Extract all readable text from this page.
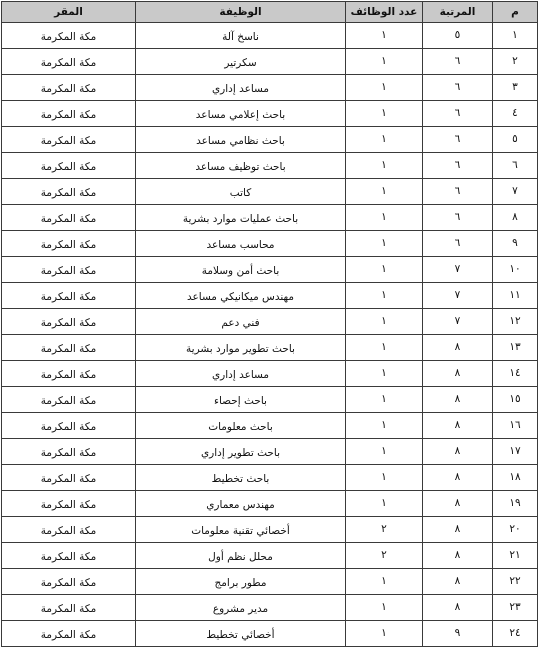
م	المرتبة	عدد الوظائف	الوظيفة	المقر
١	٥	١	ناسخ آلة	مكة المكرمة
٢	٦	١	سكرتير	مكة المكرمة
٣	٦	١	مساعد إداري	مكة المكرمة
٤	٦	١	باحث إعلامي مساعد	مكة المكرمة
٥	٦	١	باحث نظامي مساعد	مكة المكرمة
٦	٦	١	باحث توظيف مساعد	مكة المكرمة
٧	٦	١	كاتب	مكة المكرمة
٨	٦	١	باحث عمليات موارد بشرية	مكة المكرمة
٩	٦	١	محاسب مساعد	مكة المكرمة
١٠	٧	١	باحث أمن وسلامة	مكة المكرمة
١١	٧	١	مهندس ميكانيكي مساعد	مكة المكرمة
١٢	٧	١	فني دعم	مكة المكرمة
١٣	٨	١	باحث تطوير موارد بشرية	مكة المكرمة
١٤	٨	١	مساعد إداري	مكة المكرمة
١٥	٨	١	باحث إحصاء	مكة المكرمة
١٦	٨	١	باحث معلومات	مكة المكرمة
١٧	٨	١	باحث تطوير إداري	مكة المكرمة
١٨	٨	١	باحث تخطيط	مكة المكرمة
١٩	٨	١	مهندس معماري	مكة المكرمة
٢٠	٨	٢	أخصائي تقنية معلومات	مكة المكرمة
٢١	٨	٢	محلل نظم أول	مكة المكرمة
٢٢	٨	١	مطور برامج	مكة المكرمة
٢٣	٨	١	مدير مشروع	مكة المكرمة
٢٤	٩	١	أخصائي تخطيط	مكة المكرمة
